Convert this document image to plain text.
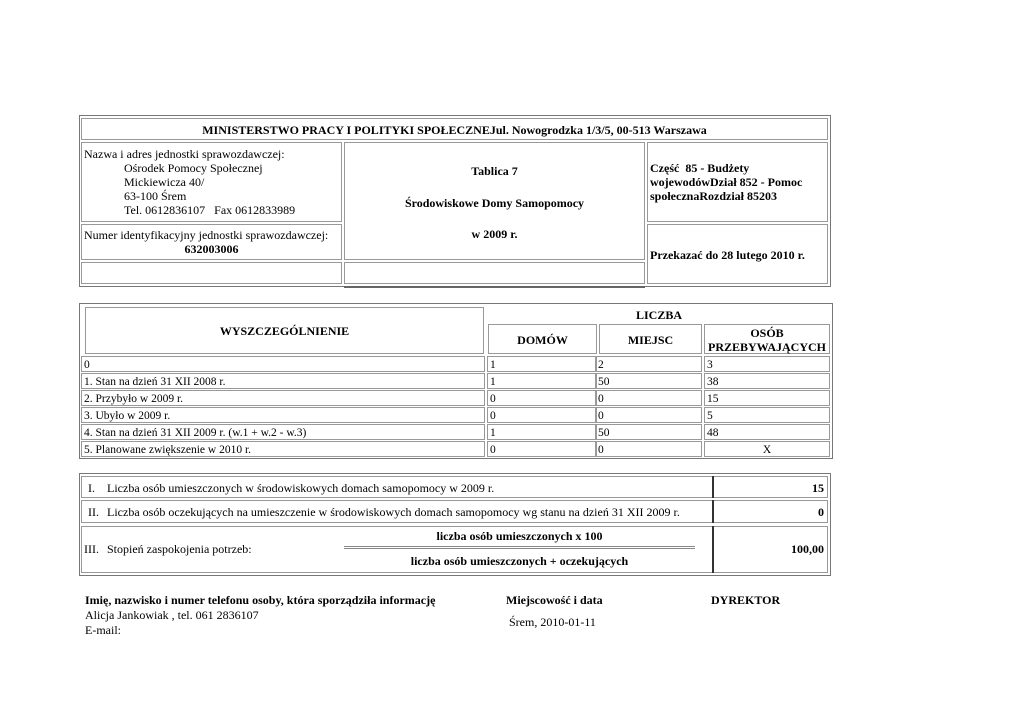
MINISTERSTWO PRACY I POLITYKI SPOŁECZNEJul. Nowogrodzka 1/3/5, 00-513 Warszawa
Nazwa i adres jednostki sprawozdawczej:
Ośrodek Pomocy Społecznej
Mickiewicza 40/
63-100 Śrem
Tel. 0612836107   Fax 0612833989
Numer identyfikacyjny jednostki sprawozdawczej:
632003006
Tablica 7
Środowiskowe Domy Samopomocy
w 2009 r.
Część  85 - Budżety
wojewodówDział 852 - Pomoc
społecznaRozdział 85203
Przekazać do 28 lutego 2010 r.
WYSZCZEGÓLNIENIE
LICZBA
DOMÓW	MIEJSC	OSÓB
PRZEBYWAJĄCYCH
0	1	2	3
1. Stan na dzień 31 XII 2008 r.	1	50	38
2. Przybyło w 2009 r.	0	0	15
3. Ubyło w 2009 r.	0	0	5
4. Stan na dzień 31 XII 2009 r. (w.1 + w.2 - w.3)	1	50	48
5. Planowane zwiększenie w 2010 r.	0	0	X
I. Liczba osób umieszczonych w środowiskowych domach samopomocy w 2009 r.	15
II. Liczba osób oczekujących na umieszczenie w środowiskowych domach samopomocy wg stanu na dzień 31 XII 2009 r.	0
III. Stopień zaspokojenia potrzeb:
liczba osób umieszczonych x 100
liczba osób umieszczonych + oczekujących
100,00
Imię, nazwisko i numer telefonu osoby, która sporządziła informację
Alicja Jankowiak , tel. 061 2836107
E-mail:
Miejscowość i data
Śrem, 2010-01-11
DYREKTOR
